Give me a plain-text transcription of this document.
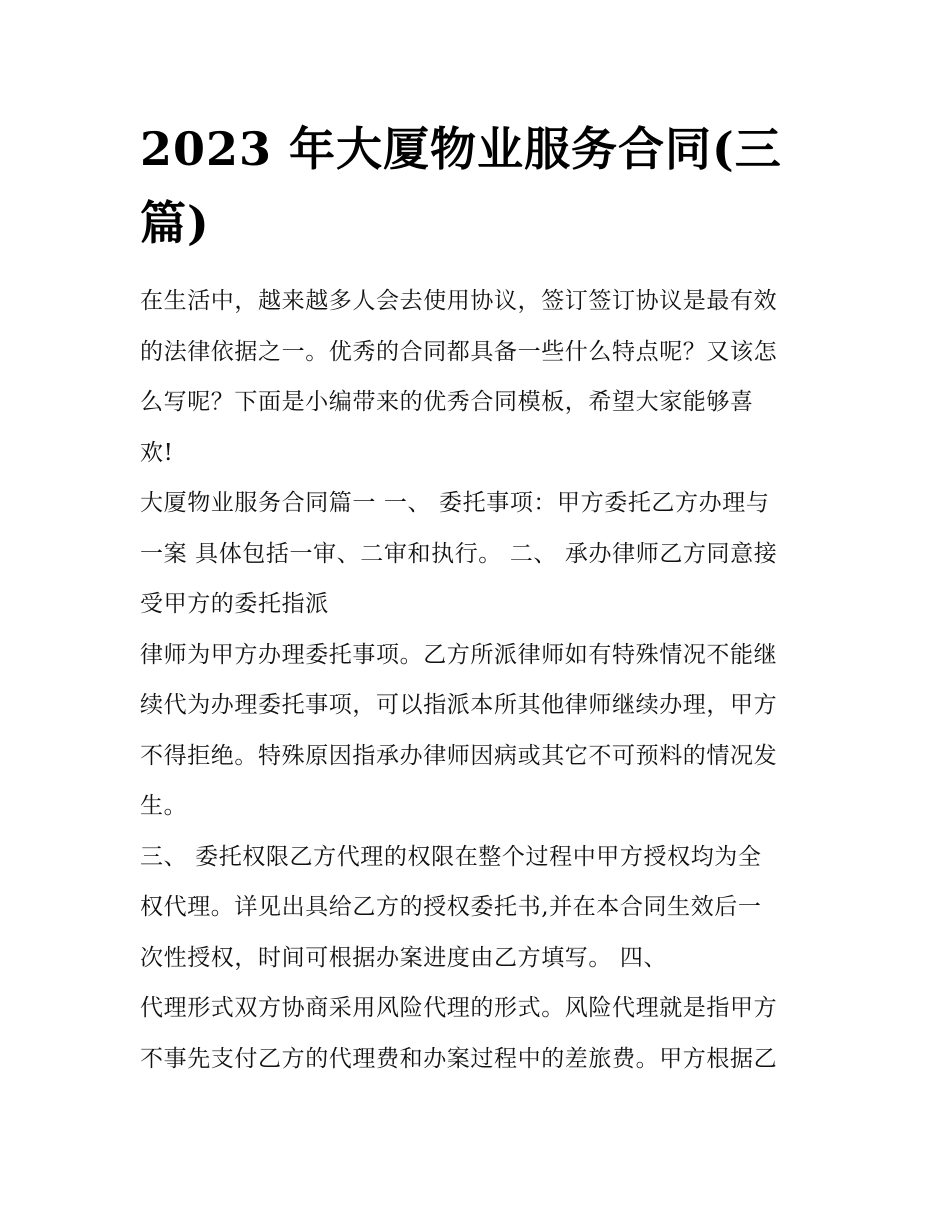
2023 年大厦物业服务合同(三
篇)

在生活中，越来越多人会去使用协议，签订签订协议是最有效
的法律依据之一。优秀的合同都具备一些什么特点呢？又该怎
么写呢？下面是小编带来的优秀合同模板，希望大家能够喜
欢!

大厦物业服务合同篇一 一、 委托事项：甲方委托乙方办理与
一案 具体包括一审、二审和执行。 二、 承办律师乙方同意接
受甲方的委托指派

律师为甲方办理委托事项。乙方所派律师如有特殊情况不能继
续代为办理委托事项，可以指派本所其他律师继续办理，甲方
不得拒绝。特殊原因指承办律师因病或其它不可预料的情况发
生。

三、 委托权限乙方代理的权限在整个过程中甲方授权均为全
权代理。详见出具给乙方的授权委托书,并在本合同生效后一
次性授权，时间可根据办案进度由乙方填写。 四、

代理形式双方协商采用风险代理的形式。风险代理就是指甲方
不事先支付乙方的代理费和办案过程中的差旅费。甲方根据乙
